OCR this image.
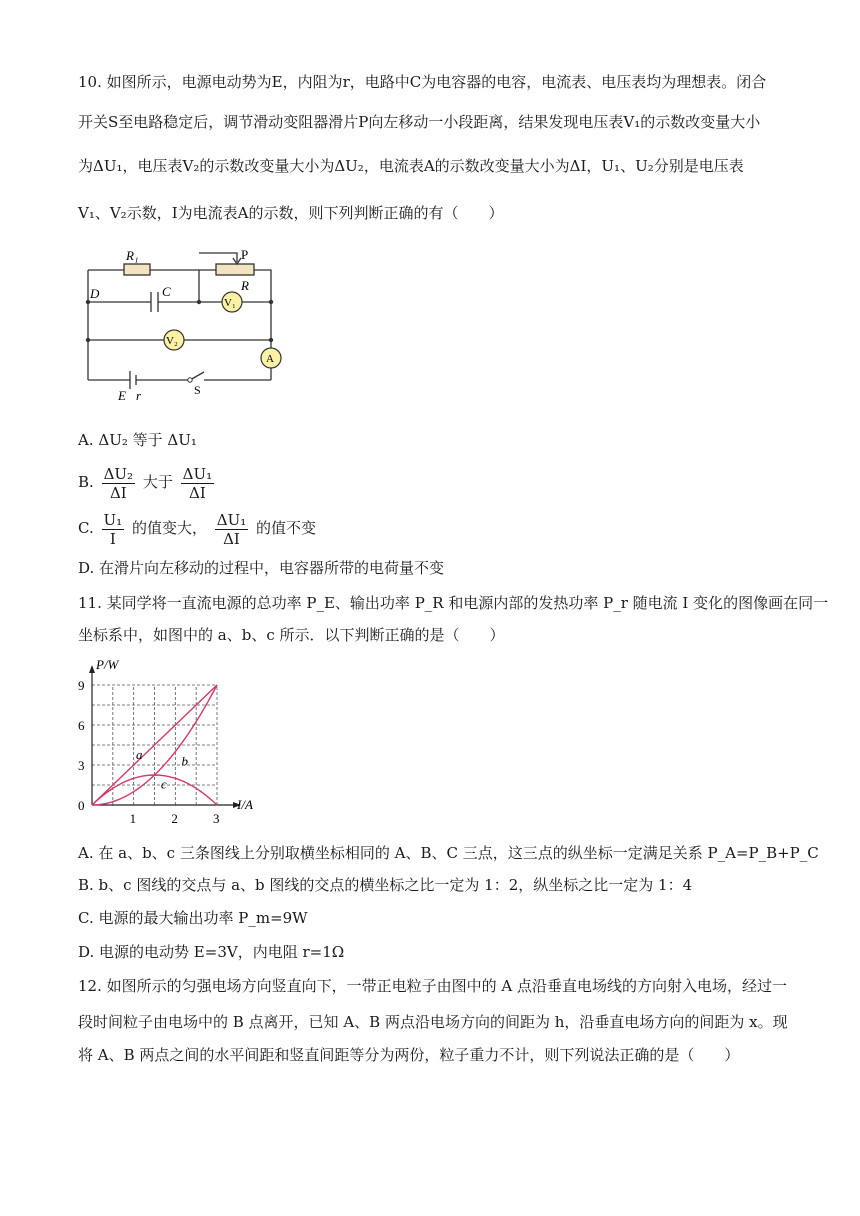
10. 如图所示，电源电动势为E，内阻为r，电路中C为电容器的电容，电流表、电压表均为理想表。闭合
开关S至电路稳定后，调节滑动变阻器滑片P向左移动一小段距离，结果发现电压表V₁的示数改变量大小
为ΔU₁，电压表V₂的示数改变量大小为ΔU₂，电流表A的示数改变量大小为ΔI，U₁、U₂分别是电压表
V₁、V₂示数，I为电流表A的示数，则下列判断正确的有（　　）
R₁	P
R
D	C
V₁
V₂
A
E r	S
A. ΔU₂ 等于 ΔU₁
B. $\frac{\text{ΔU₂}}{\Delta I}$ 大于 $\frac{\text{ΔU₁}}{\Delta I}$
C. $\frac{\text{U₁}}{I}$ 的值变大， $\frac{\text{ΔU₁}}{\Delta I}$ 的值不变
D. 在滑片向左移动的过程中，电容器所带的电荷量不变
11. 某同学将一直流电源的总功率 P_E、输出功率 P_R 和电源内部的发热功率 P_r 随电流 I 变化的图像画在同一
坐标系中，如图中的 a、b、c 所示．以下判断正确的是（　　）
P/W
I/A
0
1	2	3
3
6
9
a	b
c
A. 在 a、b、c 三条图线上分别取横坐标相同的 A、B、C 三点，这三点的纵坐标一定满足关系 P_A=P_B+P_C
B. b、c 图线的交点与 a、b 图线的交点的横坐标之比一定为 1：2，纵坐标之比一定为 1：4
C. 电源的最大输出功率 P_m=9W
D. 电源的电动势 E=3V，内电阻 r=1Ω
12. 如图所示的匀强电场方向竖直向下，一带正电粒子由图中的 A 点沿垂直电场线的方向射入电场，经过一
段时间粒子由电场中的 B 点离开，已知 A、B 两点沿电场方向的间距为 h，沿垂直电场方向的间距为 x。现
将 A、B 两点之间的水平间距和竖直间距等分为两份，粒子重力不计，则下列说法正确的是（　　）
